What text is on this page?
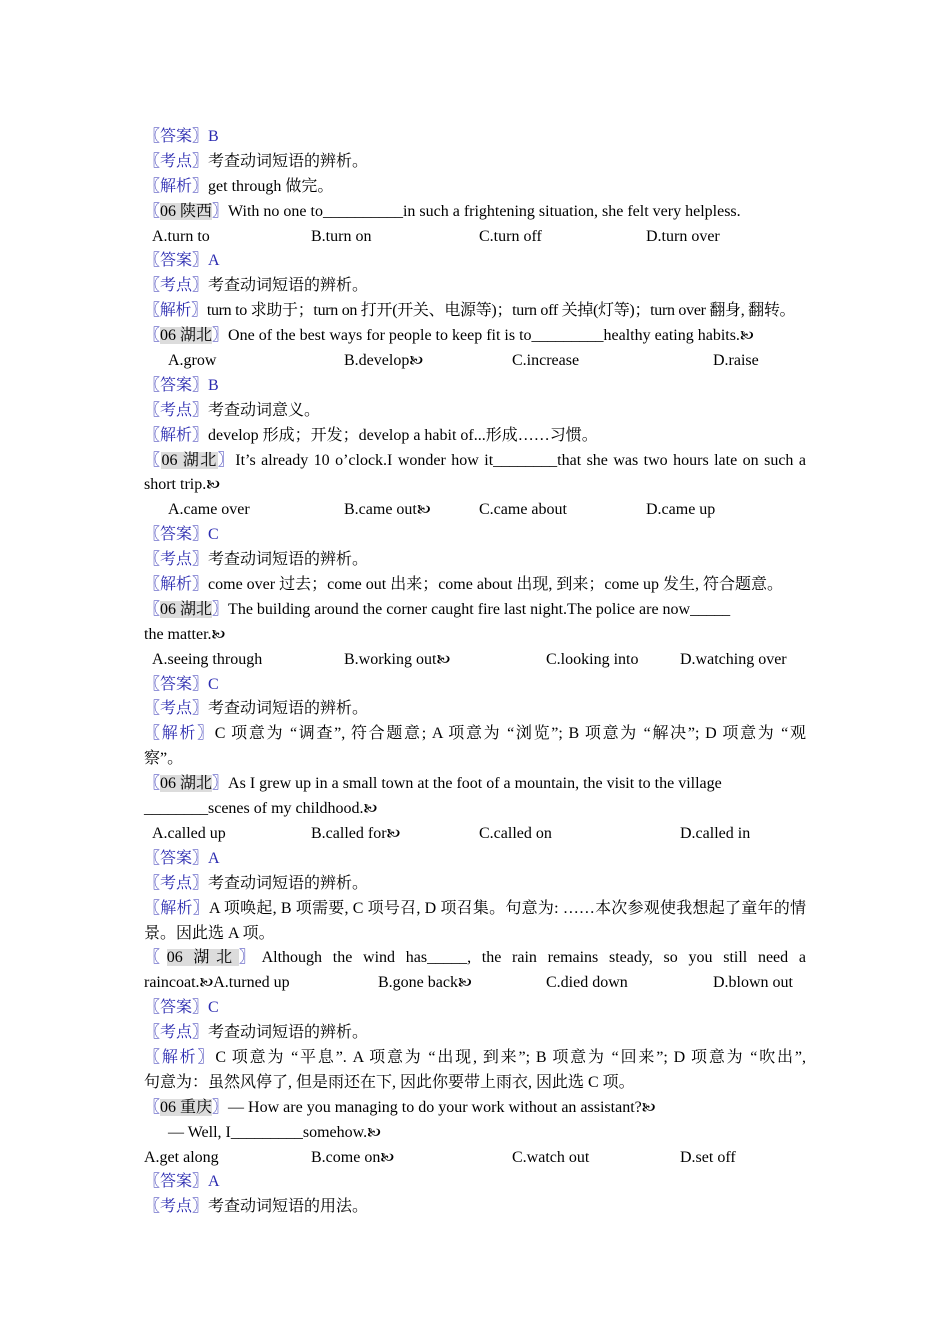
〖答案〗B
〖考点〗考查动词短语的辨析。
〖解析〗get through 做完。
〖06 陕西〗With no one to__________in such a frightening situation, she felt very helpless.
A.turn to	B.turn on	C.turn off	D.turn over
〖答案〗A
〖考点〗考查动词短语的辨析。
〖解析〗turn to 求助于；turn on 打开(开关、电源等)；turn off 关掉(灯等)；turn over 翻身, 翻转。
〖06 湖北〗One of the best ways for people to keep fit is to_________healthy eating habits.🙤
A.grow	B.develop🙤	C.increase	D.raise
〖答案〗B
〖考点〗考查动词意义。
〖解析〗develop 形成；开发；develop a habit of...形成……习惯。
〖06 湖北〗It’s already 10 o’clock.I wonder how it________that she was two hours late on such a
short trip.🙤
A.came over	B.came out🙤	C.came about	D.came up
〖答案〗C
〖考点〗考查动词短语的辨析。
〖解析〗come over 过去；come out 出来；come about 出现, 到来；come up 发生, 符合题意。
〖06 湖北〗The building around the corner caught fire last night.The police are now_____
the matter.🙤
A.seeing through	B.working out🙤	C.looking into	D.watching over
〖答案〗C
〖考点〗考查动词短语的辨析。
〖解析〗C 项意为 “调查”, 符合题意; A 项意为 “浏览”; B 项意为 “解决”; D 项意为 “观
察”。
〖06 湖北〗As I grew up in a small town at the foot of a mountain, the visit to the village
________scenes of my childhood.🙤
A.called up	B.called for🙤	C.called on	D.called in
〖答案〗A
〖考点〗考查动词短语的辨析。
〖解析〗A 项唤起, B 项需要, C 项号召, D 项召集。句意为: ……本次参观使我想起了童年的情
景。因此选 A 项。
〖06 湖北〗Although the wind has_____, the rain remains steady, so you still need a
raincoat.🙤A.turned up	B.gone back🙤	C.died down	D.blown out
〖答案〗C
〖考点〗考查动词短语的辨析。
〖解析〗C 项意为 “平息”. A 项意为 “出现, 到来”; B 项意为 “回来”; D 项意为 “吹出”,
句意为：虽然风停了, 但是雨还在下, 因此你要带上雨衣, 因此选 C 项。
〖06 重庆〗— How are you managing to do your work without an assistant?🙤
— Well, I_________somehow.🙤
A.get along	B.come on🙤	C.watch out	D.set off
〖答案〗A
〖考点〗考查动词短语的用法。
